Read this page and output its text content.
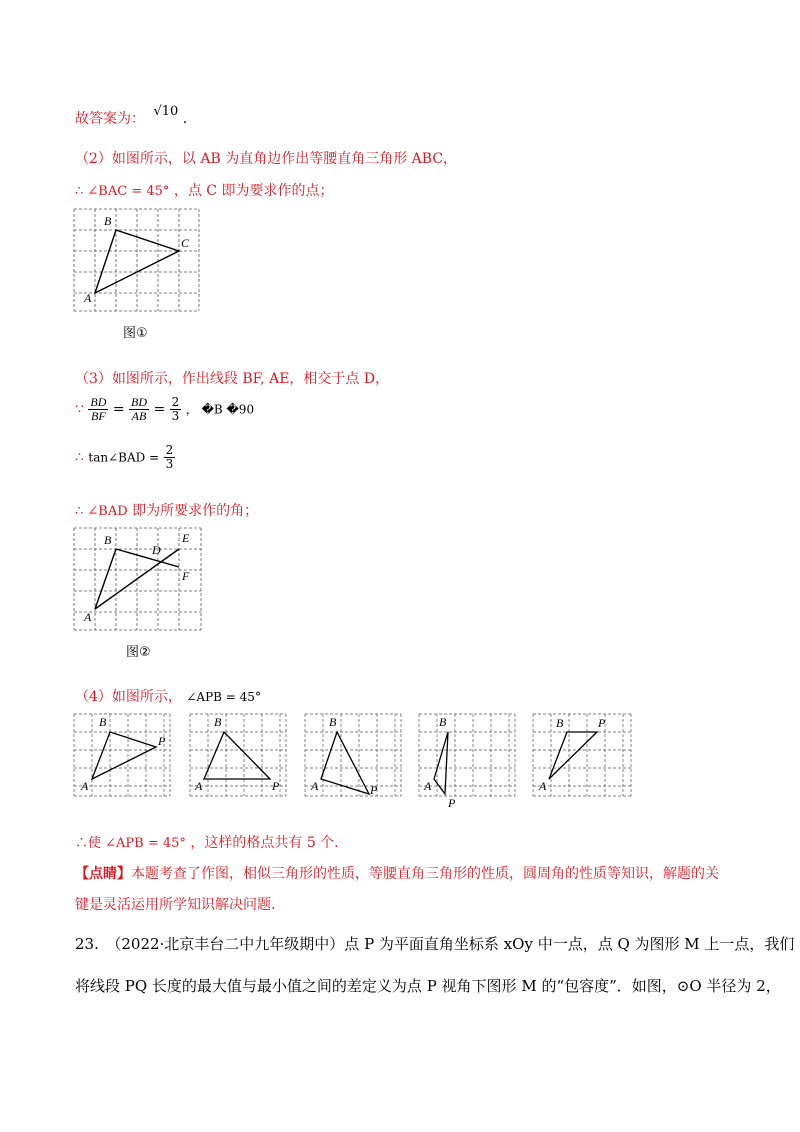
故答案为： √10 .
（2）如图所示，以 AB 为直角边作出等腰直角三角形 ABC，
∴ ∠BAC = 45° ，点 C 即为要求作的点；
B
C
A
图①
（3）如图所示，作出线段 BF, AE，相交于点 D，
∵ $\frac{BD}{BF} = \frac{BD}{AB} = \frac{2}{3}$ ， �B �90
∴ tan∠BAD = $\frac{2}{3}$
∴ ∠BAD 即为所要求作的角；
B
D
E
F
A
图②
（4）如图所示， ∠APB = 45°
B
P
A
B
P
A
B
P
A
B
P
A
B	P
A
∴使 ∠APB = 45° ，这样的格点共有 5 个.
【点睛】本题考查了作图，相似三角形的性质，等腰直角三角形的性质，圆周角的性质等知识，解题的关
键是灵活运用所学知识解决问题.
23.　（2022·北京丰台二中九年级期中）点 P 为平面直角坐标系 xOy 中一点，点 Q 为图形 M 上一点，我们
将线段 PQ 长度的最大值与最小值之间的差定义为点 P 视角下图形 M 的“包容度”．如图，⊙O 半径为 2，
